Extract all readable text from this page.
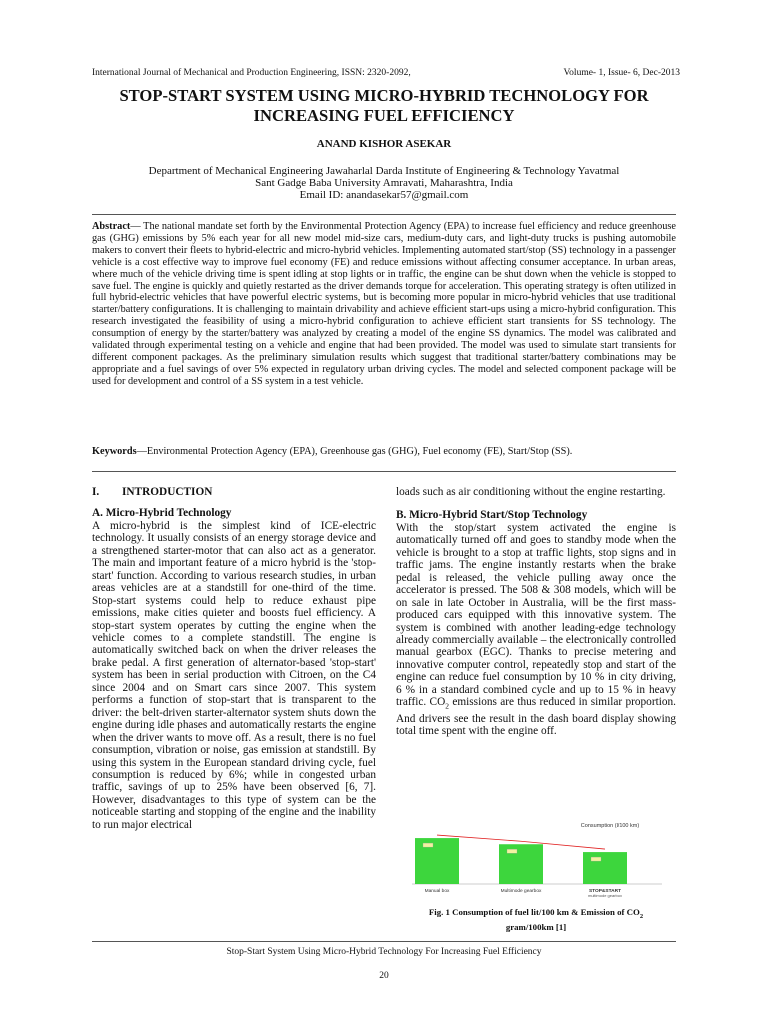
International Journal of Mechanical and Production Engineering, ISSN: 2320-2092,	Volume- 1, Issue- 6, Dec-2013
STOP-START SYSTEM USING MICRO-HYBRID TECHNOLOGY FOR
INCREASING FUEL EFFICIENCY
ANAND KISHOR ASEKAR
Department of Mechanical Engineering Jawaharlal Darda Institute of Engineering & Technology Yavatmal
Sant Gadge Baba University Amravati, Maharashtra, India
Email ID: anandasekar57@gmail.com
Abstract— The national mandate set forth by the Environmental Protection Agency (EPA) to increase fuel efficiency and reduce greenhouse gas (GHG) emissions by 5% each year for all new model mid-size cars, medium-duty cars, and light-duty trucks is pushing automobile makers to convert their fleets to hybrid-electric and micro-hybrid vehicles. Implementing automated start/stop (SS) technology in a passenger vehicle is a cost effective way to improve fuel economy (FE) and reduce emissions without affecting consumer acceptance. In urban areas, where much of the vehicle driving time is spent idling at stop lights or in traffic, the engine can be shut down when the vehicle is stopped to save fuel. The engine is quickly and quietly restarted as the driver demands torque for acceleration. This operating strategy is often utilized in full hybrid-electric vehicles that have powerful electric systems, but is becoming more popular in micro-hybrid vehicles that use traditional starter/battery configurations. It is challenging to maintain drivability and achieve efficient start-ups using a micro-hybrid configuration. This research investigated the feasibility of using a micro-hybrid configuration to achieve efficient start transients for SS technology. The consumption of energy by the starter/battery was analyzed by creating a model of the engine SS dynamics. The model was calibrated and validated through experimental testing on a vehicle and engine that had been provided. The model was used to simulate start transients for different component packages. As the preliminary simulation results which suggest that traditional starter/battery combinations may be appropriate and a fuel savings of over 5% expected in regulatory urban driving cycles. The model and selected component package will be used for development and control of a SS system in a test vehicle.
Keywords—Environmental Protection Agency (EPA), Greenhouse gas (GHG), Fuel economy (FE), Start/Stop (SS).
I.	INTRODUCTION
A. Micro-Hybrid Technology

A micro-hybrid is the simplest kind of ICE-electric technology. It usually consists of an energy storage device and a strengthened starter-motor that can also act as a generator. The main and important feature of a micro hybrid is the 'stop-start' function. According to various research studies, in urban areas vehicles are at a standstill for one-third of the time. Stop-start systems could help to reduce exhaust pipe emissions, make cities quieter and boosts fuel efficiency. A stop-start system operates by cutting the engine when the vehicle comes to a complete standstill. The engine is automatically switched back on when the driver releases the brake pedal. A first generation of alternator-based 'stop-start' system has been in serial production with Citroen, on the C4 since 2004 and on Smart cars since 2007. This system performs a function of stop-start that is transparent to the driver: the belt-driven starter-alternator system shuts down the engine during idle phases and automatically restarts the engine when the driver wants to move off. As a result, there is no fuel consumption, vibration or noise, gas emission at standstill. By using this system in the European standard driving cycle, fuel consumption is reduced by 6%; while in congested urban traffic, savings of up to 25% have been observed [6, 7]. However, disadvantages to this type of system can be the noticeable starting and stopping of the engine and the inability to run major electrical

loads such as air conditioning without the engine restarting.

B. Micro-Hybrid Start/Stop Technology

With the stop/start system activated the engine is automatically turned off and goes to standby mode when the vehicle is brought to a stop at traffic lights, stop signs and in traffic jams. The engine instantly restarts when the brake pedal is released, the vehicle pulling away once the accelerator is pressed. The 508 & 308 models, which will be on sale in late October in Australia, will be the first mass-produced cars equipped with this innovative system. The system is combined with another leading-edge technology already commercially available – the electronically controlled manual gearbox (EGC). Thanks to precise metering and innovative computer control, repeatedly stop and start of the engine can reduce fuel consumption by 10 % in city driving, 6 % in a standard combined cycle and up to 15 % in heavy traffic. $CO_2$ emissions are thus reduced in similar proportion. And drivers see the result in the dash board display showing total time spent with the engine off.

Consumption (l/100 km)
Manual box	Multimode gearbox	STOP&START
multimode gearbox
Fig. 1 Consumption of fuel lit/100 km & Emission of $CO_2$
gram/100km [1]
Stop-Start System Using Micro-Hybrid Technology For Increasing Fuel Efficiency
20
